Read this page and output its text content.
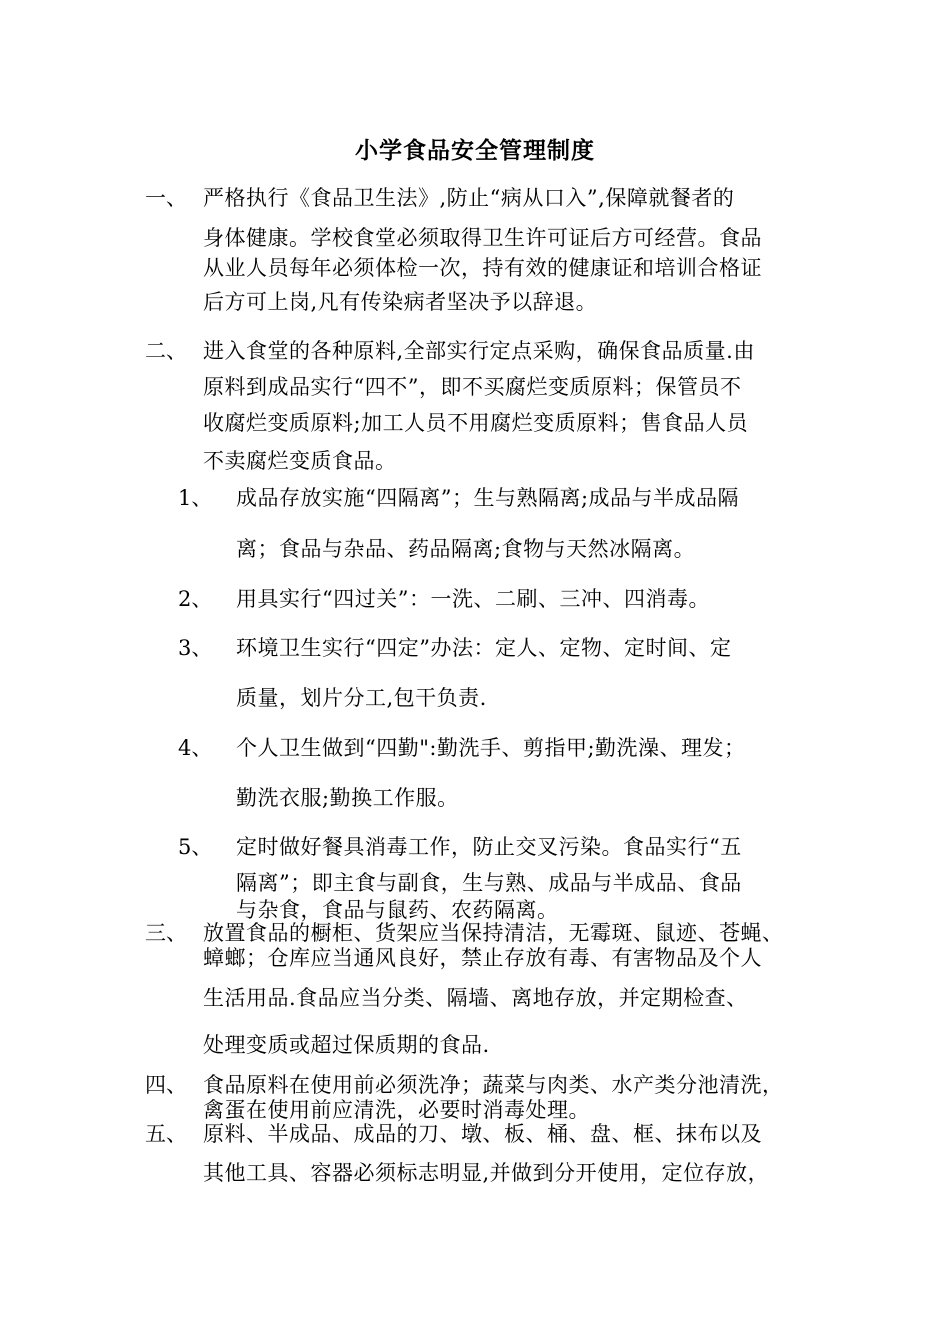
小学食品安全管理制度
一、 严格执行《食品卫生法》,防止“病从口入”,保障就餐者的
身体健康。学校食堂必须取得卫生许可证后方可经营。食品
从业人员每年必须体检一次，持有效的健康证和培训合格证
后方可上岗,凡有传染病者坚决予以辞退。
二、 进入食堂的各种原料,全部实行定点采购，确保食品质量.由
原料到成品实行“四不”，即不买腐烂变质原料；保管员不
收腐烂变质原料;加工人员不用腐烂变质原料；售食品人员
不卖腐烂变质食品。
1、 成品存放实施“四隔离”；生与熟隔离;成品与半成品隔
离；食品与杂品、药品隔离;食物与天然冰隔离。
2、 用具实行“四过关”：一洗、二刷、三冲、四消毒。
3、 环境卫生实行“四定”办法：定人、定物、定时间、定
质量，划片分工,包干负责.
4、 个人卫生做到“四勤":勤洗手、剪指甲;勤洗澡、理发；
勤洗衣服;勤换工作服。
5、 定时做好餐具消毒工作，防止交叉污染。食品实行“五
隔离”；即主食与副食，生与熟、成品与半成品、食品
与杂食，食品与鼠药、农药隔离。
三、 放置食品的橱柜、货架应当保持清洁，无霉斑、鼠迹、苍蝇、
蟑螂；仓库应当通风良好，禁止存放有毒、有害物品及个人
生活用品.食品应当分类、隔墙、离地存放，并定期检查、
处理变质或超过保质期的食品.
四、 食品原料在使用前必须洗净；蔬菜与肉类、水产类分池清洗，
禽蛋在使用前应清洗，必要时消毒处理。
五、 原料、半成品、成品的刀、墩、板、桶、盘、框、抹布以及
其他工具、容器必须标志明显,并做到分开使用，定位存放，
